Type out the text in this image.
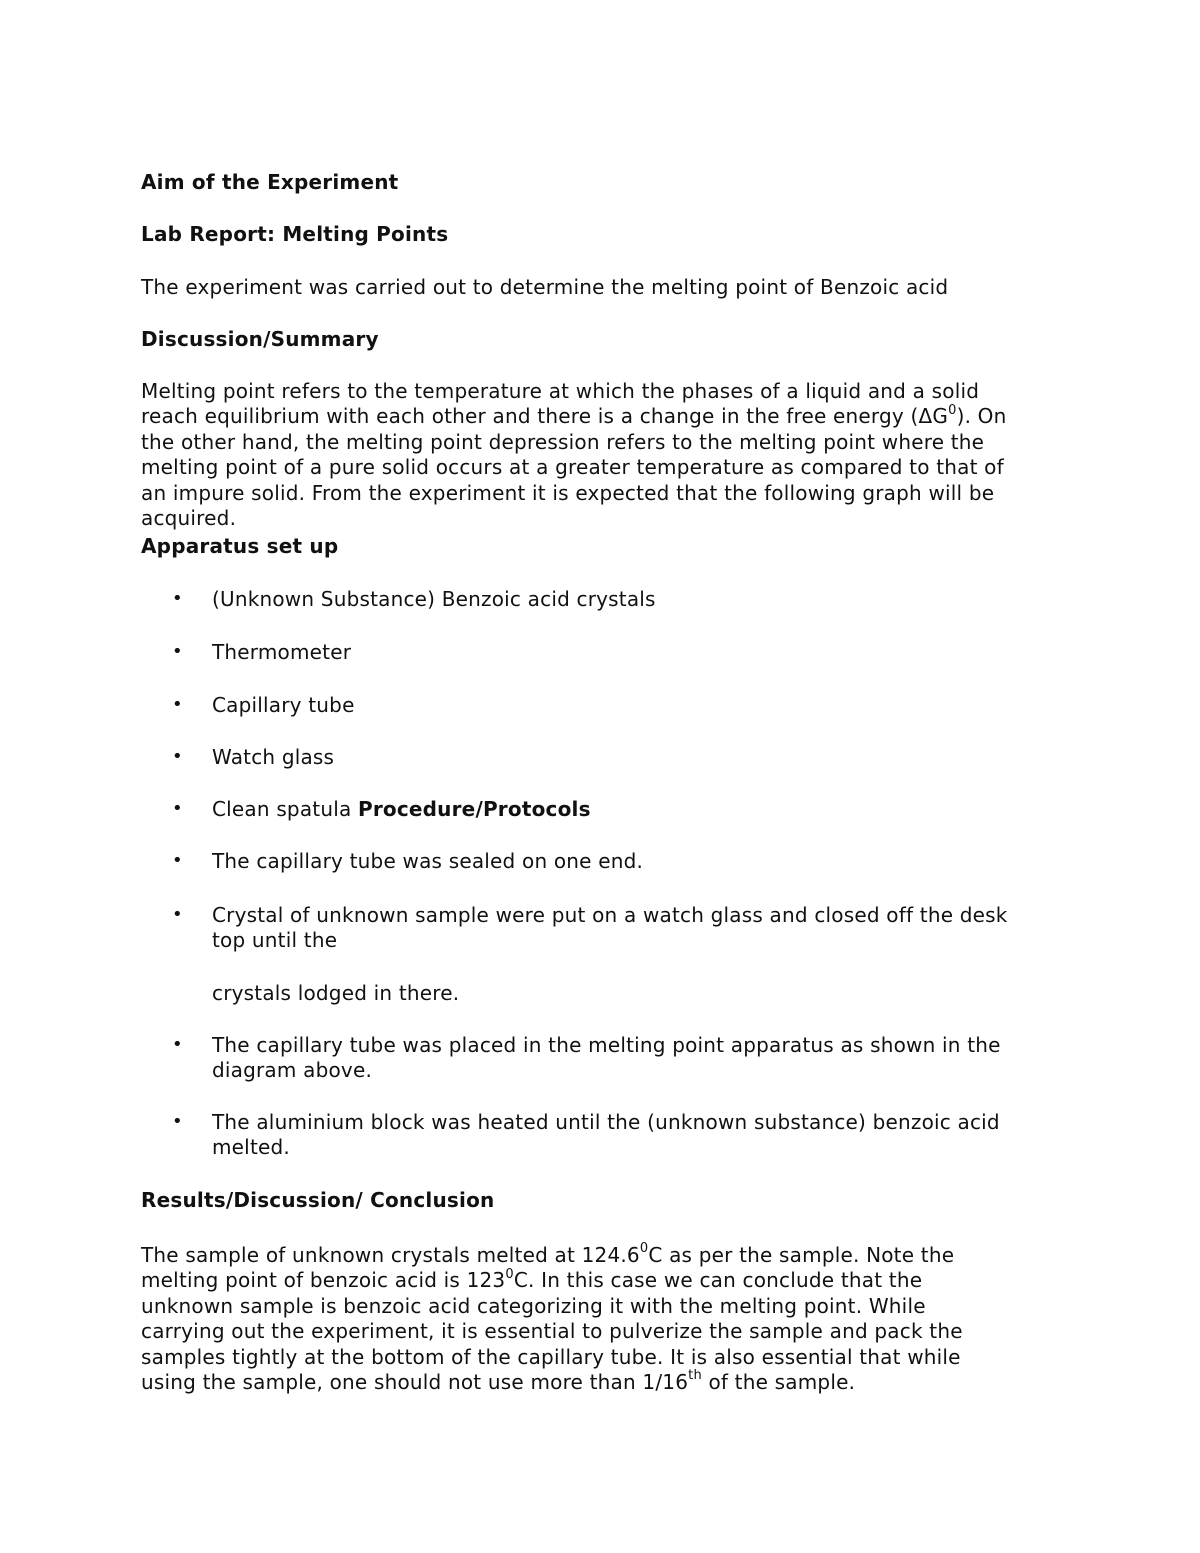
Aim of the Experiment
Lab Report: Melting Points
The experiment was carried out to determine the melting point of Benzoic acid
Discussion/Summary
Melting point refers to the temperature at which the phases of a liquid and a solid
reach equilibrium with each other and there is a change in the free energy $(\Delta G^0)$. On
the other hand, the melting point depression refers to the melting point where the
melting point of a pure solid occurs at a greater temperature as compared to that of
an impure solid. From the experiment it is expected that the following graph will be
acquired.
Apparatus set up
• (Unknown Substance) Benzoic acid crystals
• Thermometer
• Capillary tube
• Watch glass
• Clean spatula Procedure/Protocols
• The capillary tube was sealed on one end.
• Crystal of unknown sample were put on a watch glass and closed off the desk
top until the
crystals lodged in there.
• The capillary tube was placed in the melting point apparatus as shown in the
diagram above.
• The aluminium block was heated until the (unknown substance) benzoic acid
melted.
Results/Discussion/ Conclusion
The sample of unknown crystals melted at 124.6$^0$C as per the sample. Note the
melting point of benzoic acid is $123^0C$. In this case we can conclude that the
unknown sample is benzoic acid categorizing it with the melting point. While
carrying out the experiment, it is essential to pulverize the sample and pack the
samples tightly at the bottom of the capillary tube. It is also essential that while
using the sample, one should not use more than 1/16th of the sample.
